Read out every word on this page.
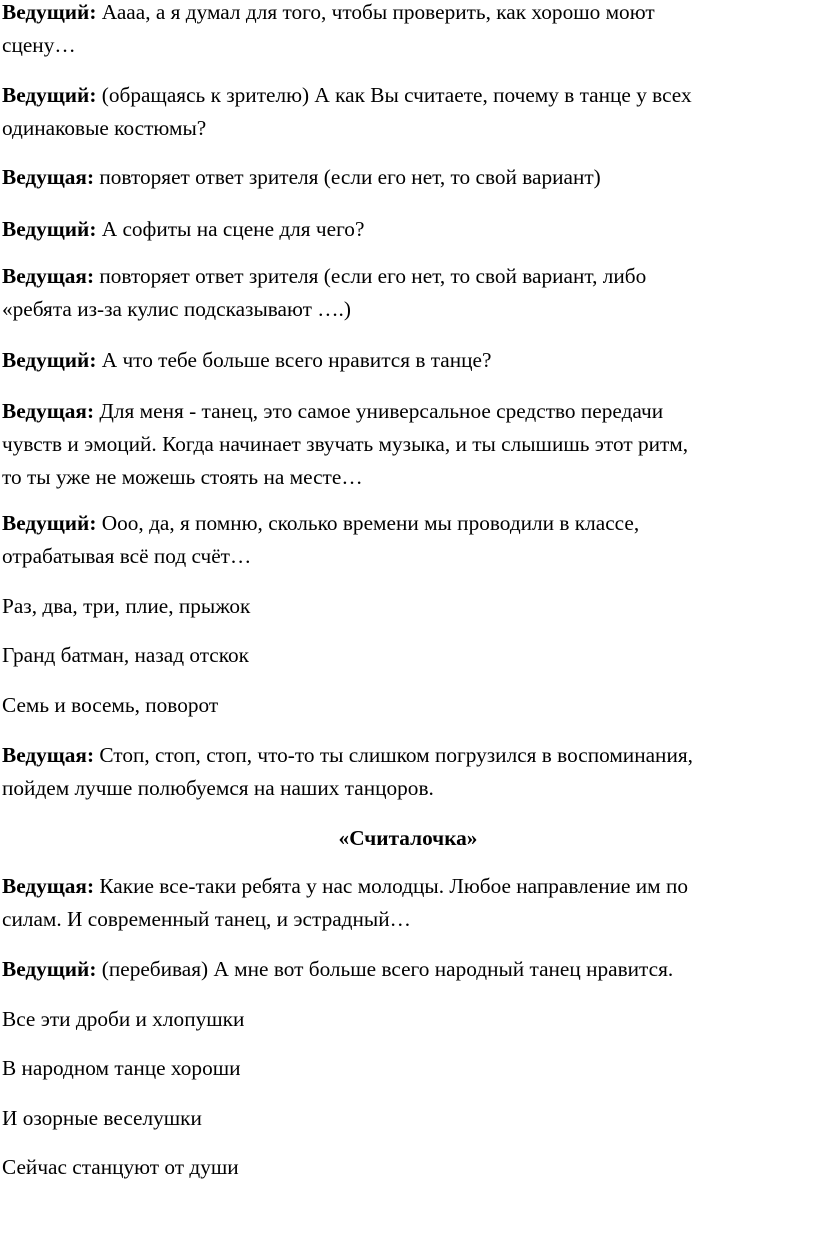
Ведущий: Аааа, а я думал для того, чтобы проверить, как хорошо моют
сцену…
Ведущий: (обращаясь к зрителю) А как Вы считаете, почему в танце у всех
одинаковые костюмы?
Ведущая: повторяет ответ зрителя (если его нет, то свой вариант)
Ведущий: А софиты на сцене для чего?
Ведущая: повторяет ответ зрителя (если его нет, то свой вариант, либо
«ребята из-за кулис подсказывают ….)
Ведущий: А что тебе больше всего нравится в танце?
Ведущая: Для меня - танец, это самое универсальное средство передачи
чувств и эмоций. Когда начинает звучать музыка, и ты слышишь этот ритм,
то ты уже не можешь стоять на месте…
Ведущий: Ооо, да, я помню, сколько времени мы проводили в классе,
отрабатывая всё под счёт…
Раз, два, три, плие, прыжок
Гранд батман, назад отскок
Семь и восемь, поворот
Ведущая: Стоп, стоп, стоп, что-то ты слишком погрузился в воспоминания,
пойдем лучше полюбуемся на наших танцоров.
«Считалочка»
Ведущая: Какие все-таки ребята у нас молодцы. Любое направление им по
силам. И современный танец, и эстрадный…
Ведущий: (перебивая) А мне вот больше всего народный танец нравится.
Все эти дроби и хлопушки
В народном танце хороши
И озорные веселушки
Сейчас станцуют от души
